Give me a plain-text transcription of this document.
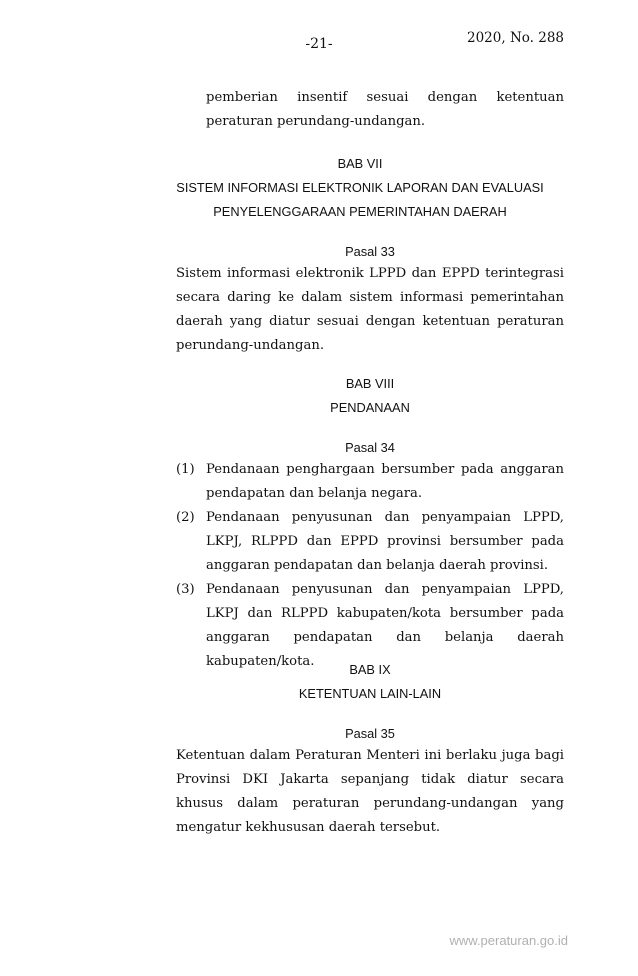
-21-	2020, No. 288
pemberian insentif sesuai dengan ketentuan peraturan perundang-undangan.
BAB VII
SISTEM INFORMASI ELEKTRONIK LAPORAN DAN EVALUASI
PENYELENGGARAAN PEMERINTAHAN DAERAH
Pasal 33
Sistem informasi elektronik LPPD dan EPPD terintegrasi secara daring ke dalam sistem informasi pemerintahan daerah yang diatur sesuai dengan ketentuan peraturan perundang-undangan.
BAB VIII
PENDANAAN
Pasal 34
(1) Pendanaan penghargaan bersumber pada anggaran pendapatan dan belanja negara.
(2) Pendanaan penyusunan dan penyampaian LPPD, LKPJ, RLPPD dan EPPD provinsi bersumber pada anggaran pendapatan dan belanja daerah provinsi.
(3) Pendanaan penyusunan dan penyampaian LPPD, LKPJ dan RLPPD kabupaten/kota bersumber pada anggaran pendapatan dan belanja daerah kabupaten/kota.
BAB IX
KETENTUAN LAIN-LAIN
Pasal 35
Ketentuan dalam Peraturan Menteri ini berlaku juga bagi Provinsi DKI Jakarta sepanjang tidak diatur secara khusus dalam peraturan perundang-undangan yang mengatur kekhususan daerah tersebut.
www.peraturan.go.id
